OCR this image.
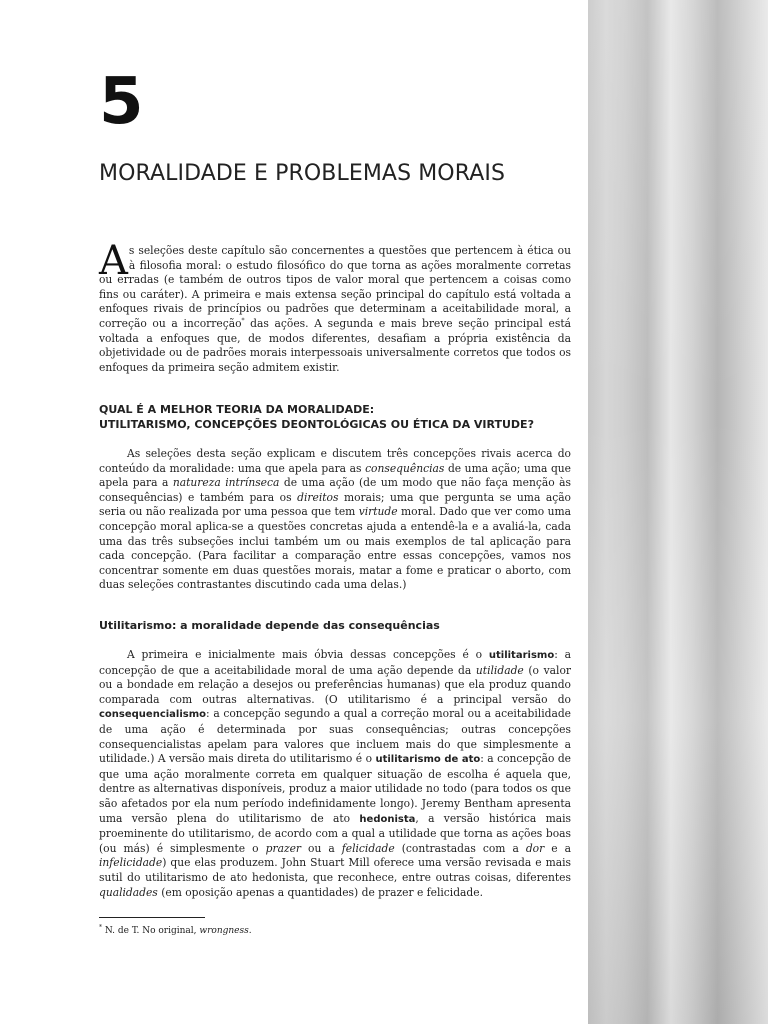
5
MORALIDADE E PROBLEMAS MORAIS

As seleções deste capítulo são concernentes a questões que pertencem à ética ou à filosofia moral: o estudo filosófico do que torna as ações moralmente corretas ou erradas (e também de outros tipos de valor moral que pertencem a coisas como fins ou caráter). A primeira e mais extensa seção principal do capítulo está voltada a enfoques rivais de princípios ou padrões que determinam a aceitabilidade moral, a correção ou a incorreção* das ações. A segunda e mais breve seção principal está voltada a enfoques que, de modos diferentes, desafiam a própria existência da objetividade ou de padrões morais interpessoais universalmente corretos que todos os enfoques da primeira seção admitem existir.

QUAL É A MELHOR TEORIA DA MORALIDADE:
UTILITARISMO, CONCEPÇÕES DEONTOLÓGICAS OU ÉTICA DA VIRTUDE?

As seleções desta seção explicam e discutem três concepções rivais acerca do conteúdo da moralidade: uma que apela para as consequências de uma ação; uma que apela para a natureza intrínseca de uma ação (de um modo que não faça menção às consequências) e também para os direitos morais; uma que pergunta se uma ação seria ou não realizada por uma pessoa que tem virtude moral. Dado que ver como uma concepção moral aplica-se a questões concretas ajuda a entendê-la e a avaliá-la, cada uma das três subseções inclui também um ou mais exemplos de tal aplicação para cada concepção. (Para facilitar a comparação entre essas concepções, vamos nos concentrar somente em duas questões morais, matar a fome e praticar o aborto, com duas seleções contrastantes discutindo cada uma delas.)

Utilitarismo: a moralidade depende das consequências

A primeira e inicialmente mais óbvia dessas concepções é o utilitarismo: a concepção de que a aceitabilidade moral de uma ação depende da utilidade (o valor ou a bondade em relação a desejos ou preferências humanas) que ela produz quando comparada com outras alternativas. (O utilitarismo é a principal versão do consequencialismo: a concepção segundo a qual a correção moral ou a aceitabilidade de uma ação é determinada por suas consequências; outras concepções consequencialistas apelam para valores que incluem mais do que simplesmente a utilidade.) A versão mais direta do utilitarismo é o utilitarismo de ato: a concepção de que uma ação moralmente correta em qualquer situação de escolha é aquela que, dentre as alternativas disponíveis, produz a maior utilidade no todo (para todos os que são afetados por ela num período indefinidamente longo). Jeremy Bentham apresenta uma versão plena do utilitarismo de ato hedonista, a versão histórica mais proeminente do utilitarismo, de acordo com a qual a utilidade que torna as ações boas (ou más) é simplesmente o prazer ou a felicidade (contrastadas com a dor e a infelicidade) que elas produzem. John Stuart Mill oferece uma versão revisada e mais sutil do utilitarismo de ato hedonista, que reconhece, entre outras coisas, diferentes qualidades (em oposição apenas a quantidades) de prazer e felicidade.

* N. de T. No original, wrongness.
